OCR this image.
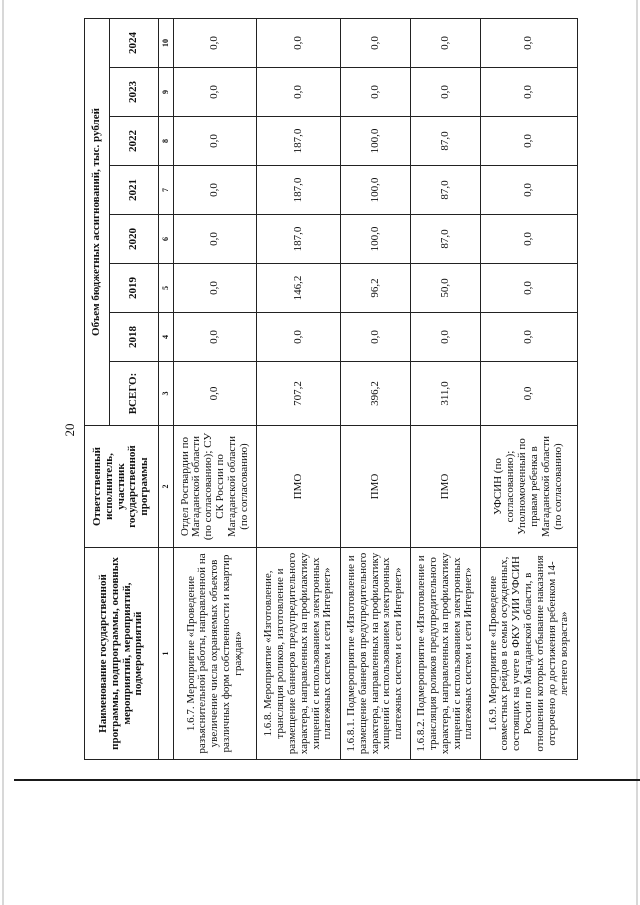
20
Наименование государственной программы, подпрограммы, основных мероприятий, мероприятий, подмероприятий	Ответственный исполнитель, участник государственной программы	Объем бюджетных ассигнований, тыс. рублей							
		ВСЕГО:	2018	2019	2020	2021	2022	2023	2024
1	2	3	4	5	6	7	8	9	10
1.6.7. Мероприятие «Проведение разъяснительной работы, направленной на увеличение числа охраняемых объектов различных форм собственности и квартир граждан»	Отдел Росгвардии по Магаданской области (по согласованию); СУ СК России по Магаданской области (по согласованию)	0,0	0,0	0,0	0,0	0,0	0,0	0,0	0,0
1.6.8. Мероприятие «Изготовление, трансляция роликов, изготовление и размещение баннеров предупредительного характера, направленных на профилактику хищений с использованием электронных платежных систем и сети Интернет»	ПМО	707,2	0,0	146,2	187,0	187,0	187,0	0,0	0,0
1.6.8.1. Подмероприятие «Изготовление и размещение баннеров предупредительного характера, направленных на профилактику хищений с использованием электронных платежных систем и сети Интернет»	ПМО	396,2	0,0	96,2	100,0	100,0	100,0	0,0	0,0
1.6.8.2. Подмероприятие «Изготовление и трансляция роликов предупредительного характера, направленных на профилактику хищений с использованием электронных платежных систем и сети Интернет»	ПМО	311,0	0,0	50,0	87,0	87,0	87,0	0,0	0,0
1.6.9. Мероприятие «Проведение совместных рейдов в семьи осужденных, состоящих на учете в ФКУ УИИ УФСИН России по Магаданской области, в отношении которых отбывание наказания отсрочено до достижения ребенком 14-летнего возраста»	УФСИН (по согласованию); Уполномоченный по правам ребенка в Магаданской области (по согласованию)	0,0	0,0	0,0	0,0	0,0	0,0	0,0	0,0
